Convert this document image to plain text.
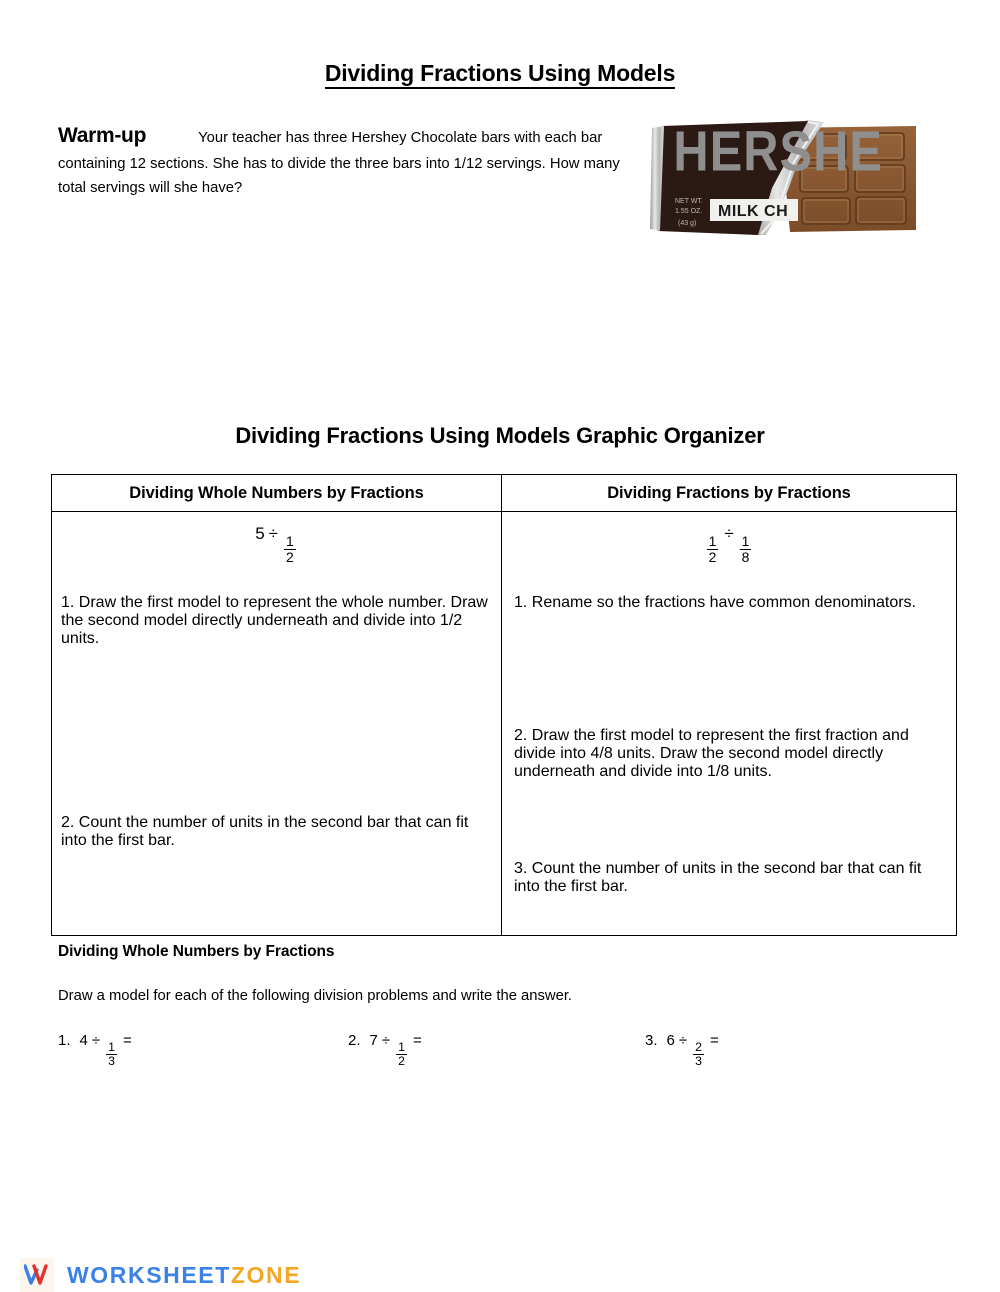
Dividing Fractions Using Models
Warm-up	Your teacher has three Hershey Chocolate bars with each bar containing 12 sections. She has to divide the three bars into 1/12 servings. How many total servings will she have?
HERSHE
MILK CH
NET WT.
1.55 OZ.
(43 g)
Dividing Fractions Using Models Graphic Organizer
Dividing Whole Numbers by Fractions	Dividing Fractions by Fractions
5 ÷
$\frac{1}{2}$
1. Draw the first model to represent the whole number. Draw the second model directly underneath and divide into 1/2 units.
2. Count the number of units in the second bar that can fit into the first bar.
$\frac{1}{2}$
÷
$\frac{1}{8}$
1. Rename so the fractions have common denominators.
2. Draw the first model to represent the first fraction and divide into 4/8 units. Draw the second model directly underneath and divide into 1/8 units.
3. Count the number of units in the second bar that can fit into the first bar.
Dividing Whole Numbers by Fractions
Draw a model for each of the following division problems and write the answer.
1. 4 ÷
$\frac{1}{3}$
=	2. 7 ÷
$\frac{1}{2}$
=	3. 6 ÷
$\frac{2}{3}$
=
WORKSHEETZONE
